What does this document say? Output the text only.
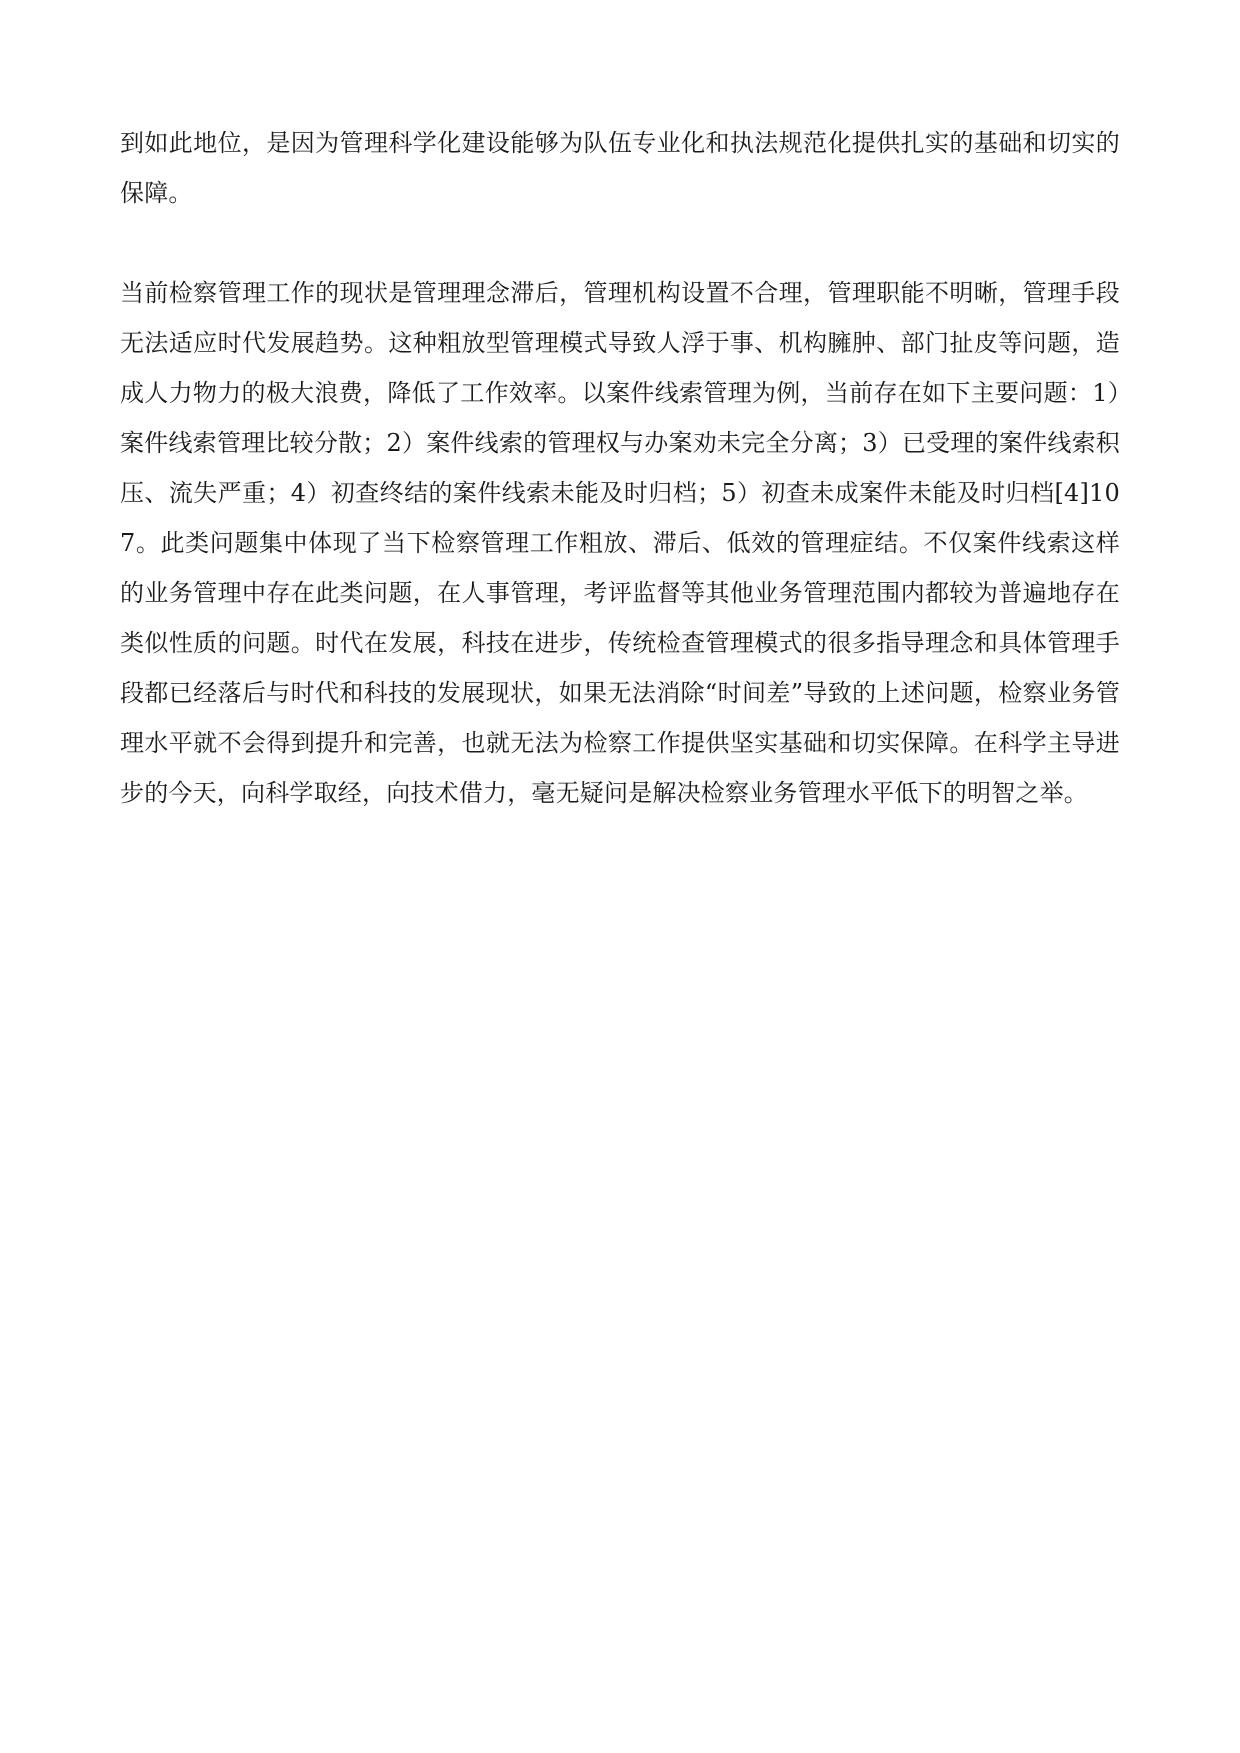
到如此地位，是因为管理科学化建设能够为队伍专业化和执法规范化提供扎实的基础和切实的保障。

当前检察管理工作的现状是管理理念滞后，管理机构设置不合理，管理职能不明晰，管理手段无法适应时代发展趋势。这种粗放型管理模式导致人浮于事、机构臃肿、部门扯皮等问题，造成人力物力的极大浪费，降低了工作效率。以案件线索管理为例，当前存在如下主要问题：1）案件线索管理比较分散；2）案件线索的管理权与办案劝未完全分离；3）已受理的案件线索积压、流失严重；4）初查终结的案件线索未能及时归档；5）初查未成案件未能及时归档[4]107。此类问题集中体现了当下检察管理工作粗放、滞后、低效的管理症结。不仅案件线索这样的业务管理中存在此类问题，在人事管理，考评监督等其他业务管理范围内都较为普遍地存在类似性质的问题。时代在发展，科技在进步，传统检查管理模式的很多指导理念和具体管理手段都已经落后与时代和科技的发展现状，如果无法消除“时间差”导致的上述问题，检察业务管理水平就不会得到提升和完善，也就无法为检察工作提供坚实基础和切实保障。在科学主导进步的今天，向科学取经，向技术借力，毫无疑问是解决检察业务管理水平低下的明智之举。
